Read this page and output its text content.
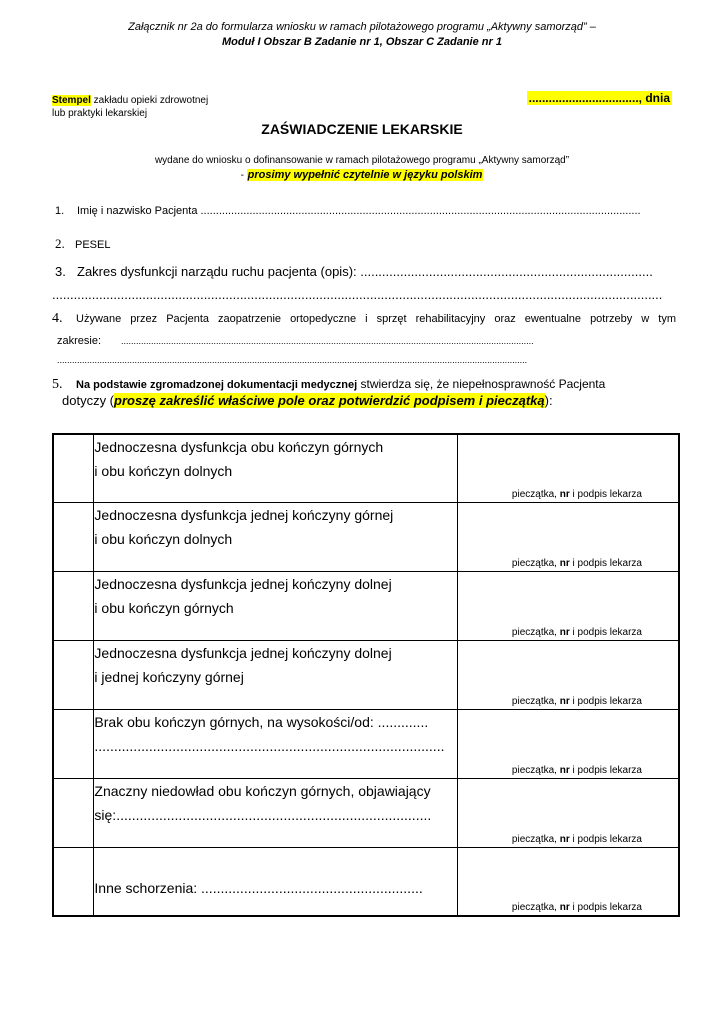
Załącznik nr 2a do formularza wniosku w ramach pilotażowego programu „Aktywny samorząd” –
Moduł I Obszar B Zadanie nr 1, Obszar C Zadanie nr 1
Stempel zakładu opieki zdrowotnej
lub praktyki lekarskiej
................................., dnia
ZAŚWIADCZENIE LEKARSKIE
wydane do wniosku o dofinansowanie w ramach pilotażowego programu „Aktywny samorząd”
- prosimy wypełnić czytelnie w języku polskim
1. Imię i nazwisko Pacjenta ................................................................................................................................................
2. PESEL
3. Zakres dysfunkcji narządu ruchu pacjenta (opis): .................................................................................
.........................................................................................................................................................................
4. Używane przez Pacjenta zaopatrzenie ortopedyczne i sprzęt rehabilitacyjny oraz ewentualne potrzeby w tym
zakresie: .....................................................................................................................................................................
............................................................................................................................................................................................
5. Na podstawie zgromadzonej dokumentacji medycznej stwierdza się, że niepełnosprawność Pacjenta
dotyczy (proszę zakreślić właściwe pole oraz potwierdzić podpisem i pieczątką):

	Jednoczesna dysfunkcja obu kończyn górnych
i obu kończyn dolnych	pieczątka, nr i podpis lekarza

	Jednoczesna dysfunkcja jednej kończyny górnej
i obu kończyn dolnych	pieczątka, nr i podpis lekarza

	Jednoczesna dysfunkcja jednej kończyny dolnej
i obu kończyn górnych	pieczątka, nr i podpis lekarza

	Jednoczesna dysfunkcja jednej kończyny dolnej
i jednej kończyny górnej	pieczątka, nr i podpis lekarza

	Brak obu kończyn górnych, na wysokości/od: .............
..........................................................................................	pieczątka, nr i podpis lekarza

	Znaczny niedowład obu kończyn górnych, objawiający
się:.................................................................................	pieczątka, nr i podpis lekarza

	Inne schorzenia: .........................................................	pieczątka, nr i podpis lekarza
